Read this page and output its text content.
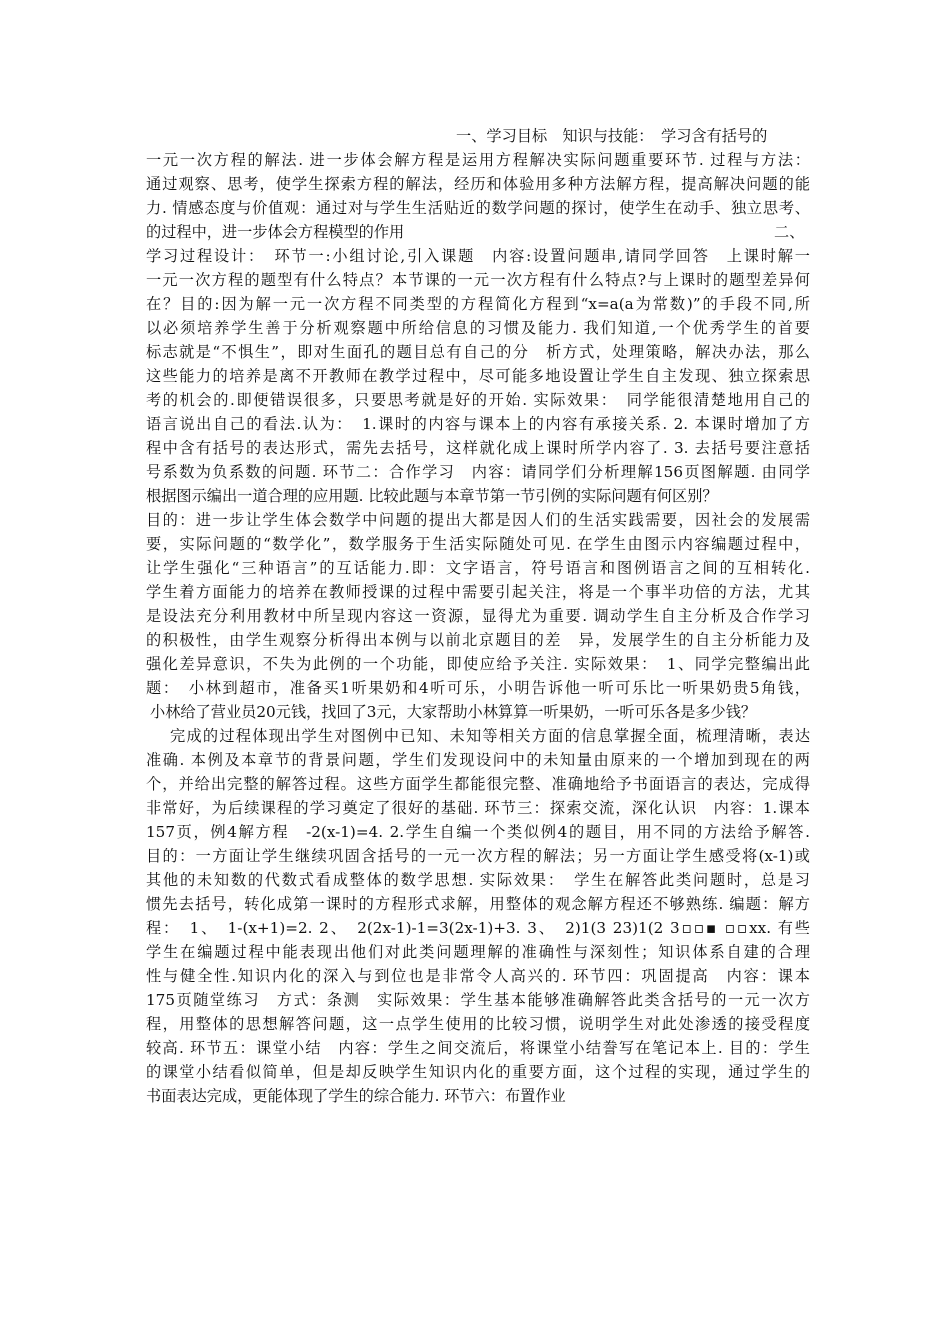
一、学习目标　知识与技能：　学习含有括号的
一元一次方程的解法. 进一步体会解方程是运用方程解决实际问题重要环节. 过程与方法：
通过观察、思考，使学生探索方程的解法，经历和体验用多种方法解方程，提高解决问题的能
力. 情感态度与价值观：通过对与学生生活贴近的数学问题的探讨，使学生在动手、独立思考、
的过程中，进一步体会方程模型的作用	二、
学习过程设计：　环节一:小组讨论,引入课题　内容:设置问题串,请同学回答　上课时解一
一元一次方程的题型有什么特点？本节课的一元一次方程有什么特点?与上课时的题型差异何
在？目的:因为解一元一次方程不同类型的方程简化方程到“x=a(a为常数)”的手段不同,所
以必须培养学生善于分析观察题中所给信息的习惯及能力. 我们知道,一个优秀学生的首要
标志就是“不惧生”，即对生面孔的题目总有自己的分　析方式，处理策略，解决办法，那么
这些能力的培养是离不开教师在教学过程中，尽可能多地设置让学生自主发现、独立探索思
考的机会的.即便错误很多，只要思考就是好的开始. 实际效果：　同学能很清楚地用自己的
语言说出自己的看法.认为：　1.课时的内容与课本上的内容有承接关系. 2. 本课时增加了方
程中含有括号的表达形式，需先去括号，这样就化成上课时所学内容了. 3. 去括号要注意括
号系数为负系数的问题. 环节二：合作学习　内容：请同学们分析理解156页图解题. 由同学
根据图示编出一道合理的应用题. 比较此题与本章节第一节引例的实际问题有何区别？
目的：进一步让学生体会数学中问题的提出大都是因人们的生活实践需要，因社会的发展需
要，实际问题的“数学化”，数学服务于生活实际随处可见. 在学生由图示内容编题过程中，
让学生强化“三种语言”的互话能力.即：文字语言，符号语言和图例语言之间的互相转化.
学生着方面能力的培养在教师授课的过程中需要引起关注，将是一个事半功倍的方法，尤其
是设法充分利用教材中所呈现内容这一资源，显得尤为重要. 调动学生自主分析及合作学习
的积极性，由学生观察分析得出本例与以前北京题目的差　异，发展学生的自主分析能力及
强化差异意识，不失为此例的一个功能，即使应给予关注. 实际效果：　1、同学完整编出此
题：　小林到超市，准备买1听果奶和4听可乐，小明告诉他一听可乐比一听果奶贵5角钱，
小林给了营业员20元钱，找回了3元，大家帮助小林算算一听果奶，一听可乐各是多少钱？
完成的过程体现出学生对图例中已知、未知等相关方面的信息掌握全面，梳理清晰，表达
准确. 本例及本章节的背景问题，学生们发现设问中的未知量由原来的一个增加到现在的两
个，并给出完整的解答过程。这些方面学生都能很完整、准确地给予书面语言的表达，完成得
非常好，为后续课程的学习奠定了很好的基础. 环节三：探索交流，深化认识　内容：1.课本
157页，例4解方程　-2(x-1)=4. 2.学生自编一个类似例4的题目，用不同的方法给予解答.
目的：一方面让学生继续巩固含括号的一元一次方程的解法；另一方面让学生感受将(x-1)或
其他的未知数的代数式看成整体的数学思想. 实际效果：　学生在解答此类问题时，总是习
惯先去括号，转化成第一课时的方程形式求解，用整体的观念解方程还不够熟练. 编题：解方
程：　1、　1-(x+1)=2. 2、　2(2x-1)-1=3(2x-1)+3. 3、　2)1(3 23)1(2 3▫▫▪ ▫▫xx. 有些
学生在编题过程中能表现出他们对此类问题理解的准确性与深刻性；知识体系自建的合理
性与健全性.知识内化的深入与到位也是非常令人高兴的. 环节四：巩固提高　内容：课本
175页随堂练习　方式：条测　实际效果：学生基本能够准确解答此类含括号的一元一次方
程，用整体的思想解答问题，这一点学生使用的比较习惯，说明学生对此处渗透的接受程度
较高. 环节五：课堂小结　内容：学生之间交流后，将课堂小结誊写在笔记本上. 目的：学生
的课堂小结看似简单，但是却反映学生知识内化的重要方面，这个过程的实现，通过学生的
书面表达完成，更能体现了学生的综合能力. 环节六：布置作业
